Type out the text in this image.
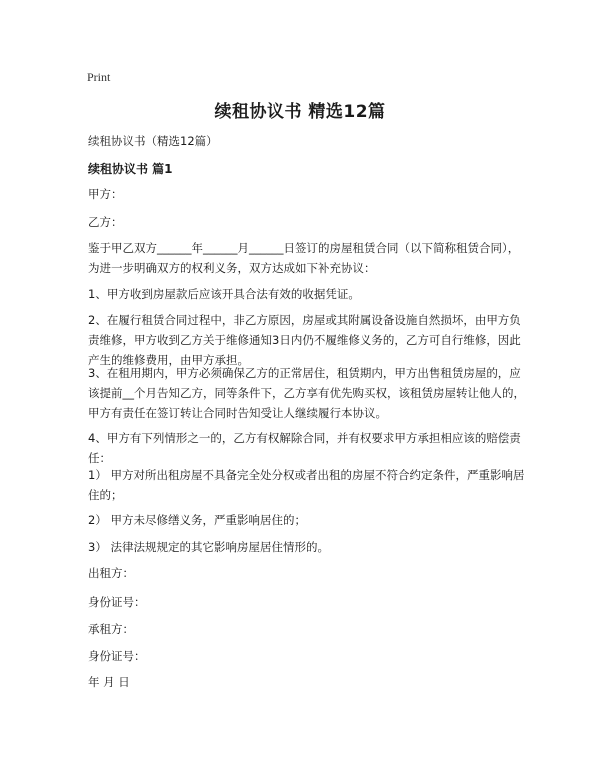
Print
续租协议书 精选12篇
续租协议书（精选12篇）
续租协议书 篇1
甲方：
乙方：
鉴于甲乙双方______年______月______日签订的房屋租赁合同（以下简称租赁合同），为进一步明确双方的权利义务，双方达成如下补充协议：
1、甲方收到房屋款后应该开具合法有效的收据凭证。
2、在履行租赁合同过程中，非乙方原因，房屋或其附属设备设施自然损坏，由甲方负责维修，甲方收到乙方关于维修通知3日内仍不履维修义务的，乙方可自行维修，因此产生的维修费用，由甲方承担。
3、在租用期内，甲方必须确保乙方的正常居住，租赁期内，甲方出售租赁房屋的，应该提前__个月告知乙方，同等条件下，乙方享有优先购买权，该租赁房屋转让他人的，甲方有责任在签订转让合同时告知受让人继续履行本协议。
4、甲方有下列情形之一的，乙方有权解除合同，并有权要求甲方承担相应该的赔偿责任：
1） 甲方对所出租房屋不具备完全处分权或者出租的房屋不符合约定条件，严重影响居住的；
2） 甲方未尽修缮义务，严重影响居住的；
3） 法律法规规定的其它影响房屋居住情形的。
出租方：
身份证号：
承租方：
身份证号：
年 月 日
